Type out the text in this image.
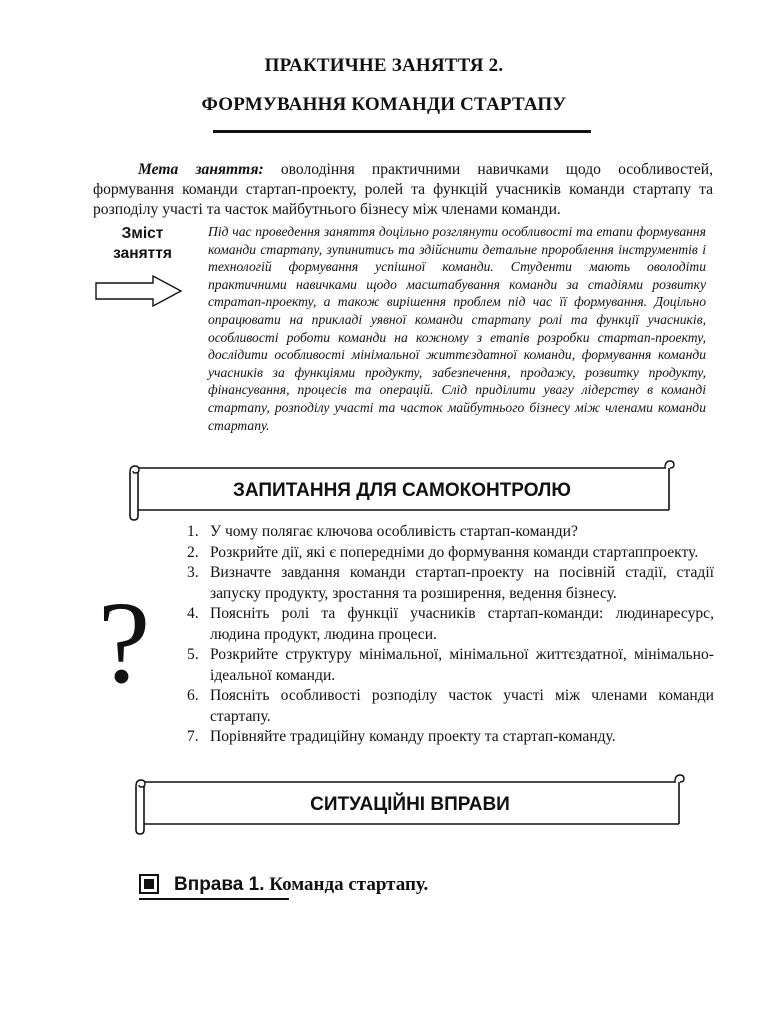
ПРАКТИЧНЕ ЗАНЯТТЯ 2.
ФОРМУВАННЯ КОМАНДИ СТАРТАПУ
Мета заняття: оволодіння практичними навичками щодо особливостей, формування команди стартап-проекту, ролей та функцій учасників команди стартапу та розподілу участі та часток майбутнього бізнесу між членами команди.
Зміст заняття
Під час проведення заняття доцільно розглянути особливості та етапи формування команди стартапу, зупинитись та здійснити детальне пророблення інструментів і технологій формування успішної команди. Студенти мають оволодіти практичними навичками щодо масштабування команди за стадіями розвитку стратап-проекту, а також вирішення проблем під час її формування. Доцільно опрацювати на прикладі уявної команди стартапу ролі та функції учасників, особливості роботи команди на кожному з етапів розробки стартап-проекту, дослідити особливості мінімальної життєздатної команди, формування команди учасників за функціями продукту, забезпечення, продажу, розвитку продукту, фінансування, процесів та операцій. Слід приділити увагу лідерству в команді стартапу, розподілу участі та часток майбутнього бізнесу між членами команди стартапу.
ЗАПИТАННЯ ДЛЯ САМОКОНТРОЛЮ
?
1. У чому полягає ключова особливість стартап-команди?
2. Розкрийте дії, які є попередніми до формування команди стартаппроекту.
3. Визначте завдання команди стартап-проекту на посівній стадії, стадії запуску продукту, зростання та розширення, ведення бізнесу.
4. Поясніть ролі та функції учасників стартап-команди: людинаресурс, людина продукт, людина процеси.
5. Розкрийте структуру мінімальної, мінімальної життєздатної, мінімально-ідеальної команди.
6. Поясніть особливості розподілу часток участі між членами команди стартапу.
7. Порівняйте традиційну команду проекту та стартап-команду.
СИТУАЦІЙНІ ВПРАВИ
Вправа 1. Команда стартапу.
